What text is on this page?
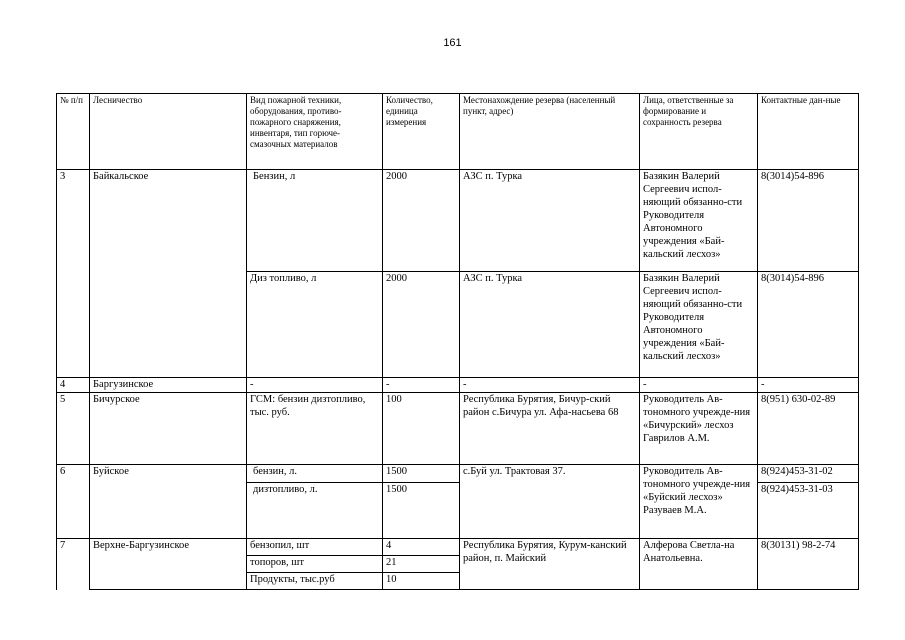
161
№ п/п	Лесничество	Вид пожарной техники, оборудования, противо-пожарного снаряжения, инвентаря, тип горюче-смазочных материалов	Количество, единица измерения	Местонахождение резерва (населенный пункт, адрес)	Лица, ответственные за формирование и сохранность резерва	Контактные дан-ные
3	Байкальское	Бензин, л	2000	АЗС п. Турка	Базякин Валерий Сергеевич испол-няющий обязанно-сти Руководителя Автономного учреждения «Бай-кальский лесхоз»	8(3014)54-896
		Диз топливо, л	2000	АЗС п. Турка	Базякин Валерий Сергеевич испол-няющий обязанно-сти Руководителя Автономного учреждения «Бай-кальский лесхоз»	8(3014)54-896
4	Баргузинское	-	-	-	-	-
5	Бичурское	ГСМ: бензин дизтопливо, тыс. руб.	100	Республика Бурятия, Бичур-ский район с.Бичура ул. Афа-насьева 68	Руководитель Ав-тономного учрежде-ния «Бичурский» лесхоз Гаврилов А.М.	8(951) 630-02-89
6	Буйское	бензин, л.	1500	с.Буй ул. Трактовая 37.	Руководитель Ав-тономного учрежде-ния «Буйский лесхоз» Разуваев М.А.	8(924)453-31-02
		дизтопливо, л.	1500			8(924)453-31-03
7	Верхне-Баргузинское	бензопил, шт	4	Республика Бурятия, Курум-канский район, п. Майский	Алферова Светла-на Анатольевна.	8(30131) 98-2-74
		топоров, шт	21			
		Продукты, тыс.руб	10			
